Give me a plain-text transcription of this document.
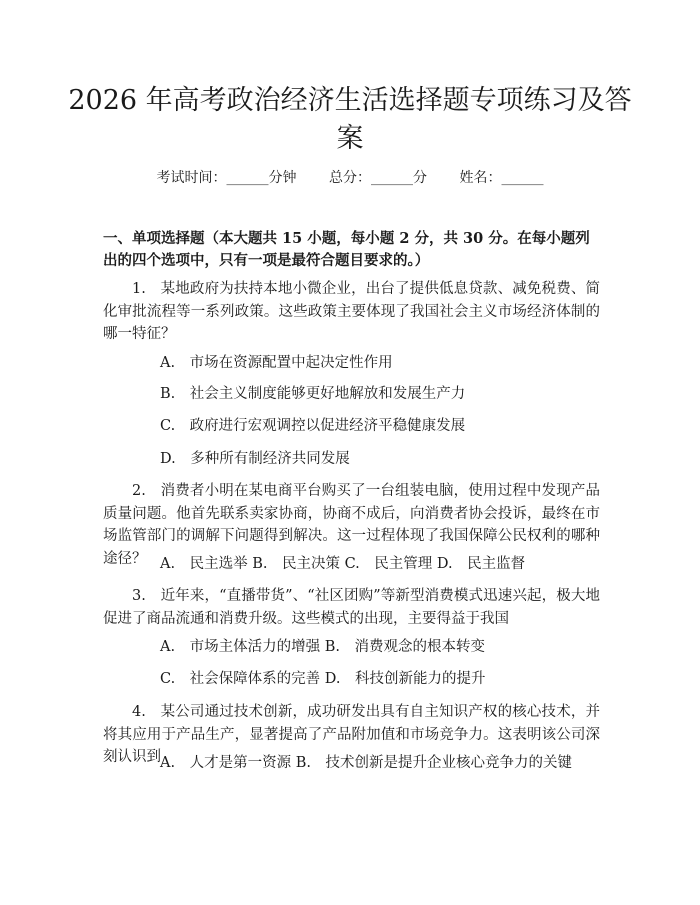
2026 年高考政治经济生活选择题专项练习及答案
考试时间：______分钟 总分：______分 姓名：______

一、单项选择题（本大题共 15 小题，每小题 2 分，共 30 分。在每小题列出的四个选项中，只有一项是最符合题目要求的。）

1.　某地政府为扶持本地小微企业，出台了提供低息贷款、减免税费、简化审批流程等一系列政策。这些政策主要体现了我国社会主义市场经济体制的哪一特征？

A.　市场在资源配置中起决定性作用

B.　社会主义制度能够更好地解放和发展生产力

C.　政府进行宏观调控以促进经济平稳健康发展

D.　多种所有制经济共同发展

2.　消费者小明在某电商平台购买了一台组装电脑，使用过程中发现产品质量问题。他首先联系卖家协商，协商不成后，向消费者协会投诉，最终在市场监管部门的调解下问题得到解决。这一过程体现了我国保障公民权利的哪种途径？ A.　民主选举 B.　民主决策 C.　民主管理 D.　民主监督

3.　近年来，“直播带货”、“社区团购”等新型消费模式迅速兴起，极大地促进了商品流通和消费升级。这些模式的出现，主要得益于我国

A.　市场主体活力的增强 B.　消费观念的根本转变

C.　社会保障体系的完善 D.　科技创新能力的提升

4.　某公司通过技术创新，成功研发出具有自主知识产权的核心技术，并将其应用于产品生产，显著提高了产品附加值和市场竞争力。这表明该公司深刻认识到 A.　人才是第一资源 B.　技术创新是提升企业核心竞争力的关键
